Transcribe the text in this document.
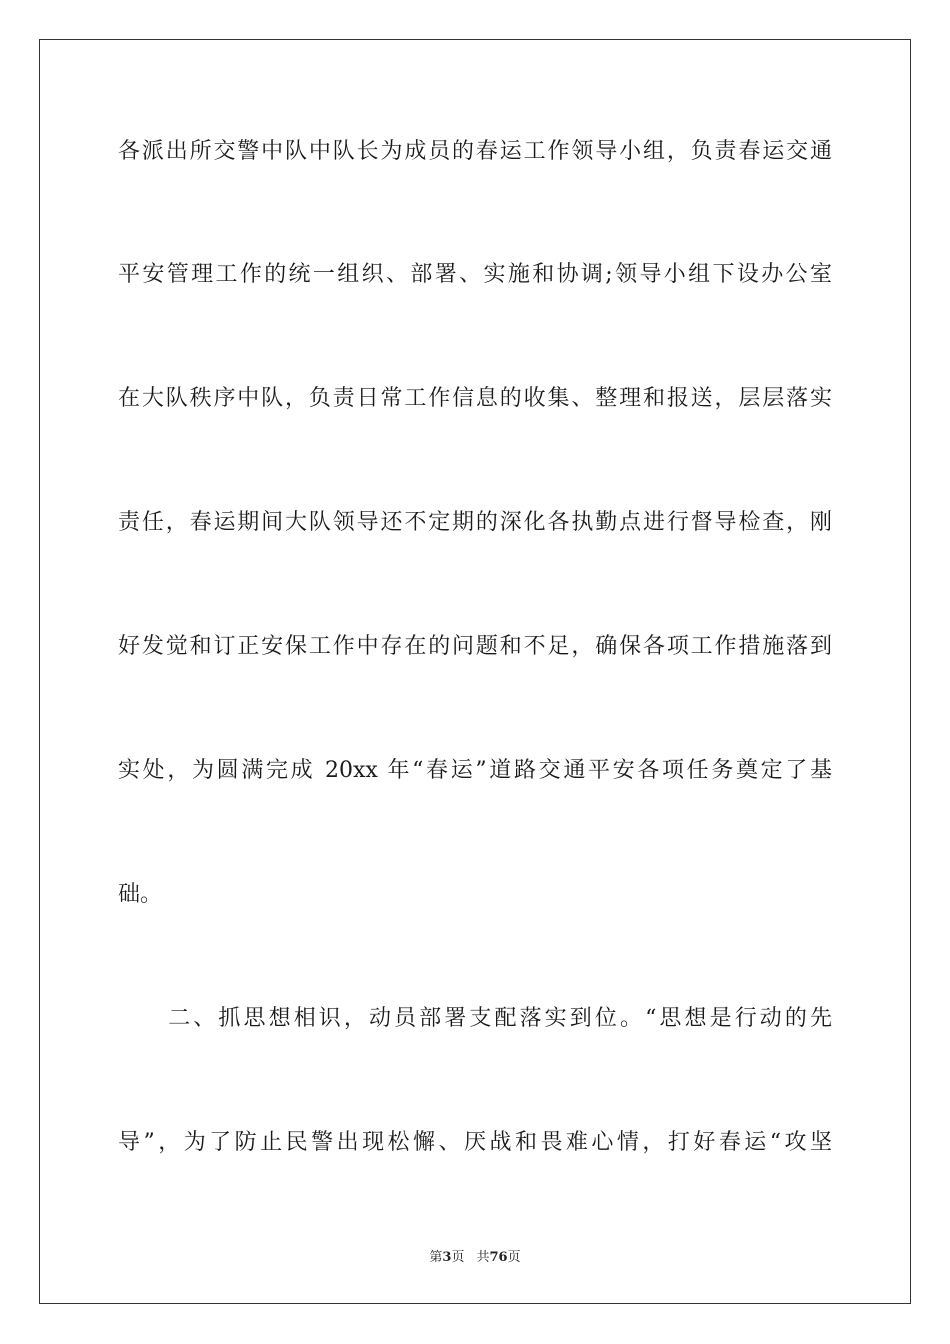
各派出所交警中队中队长为成员的春运工作领导小组，负责春运交通
平安管理工作的统一组织、部署、实施和协调;领导小组下设办公室
在大队秩序中队，负责日常工作信息的收集、整理和报送，层层落实
责任，春运期间大队领导还不定期的深化各执勤点进行督导检查，刚
好发觉和订正安保工作中存在的问题和不足，确保各项工作措施落到
实处，为圆满完成 20xx 年“春运”道路交通平安各项任务奠定了基
础。
　　二、抓思想相识，动员部署支配落实到位。“思想是行动的先
导”，为了防止民警出现松懈、厌战和畏难心情，打好春运“攻坚
第3页 共76页
